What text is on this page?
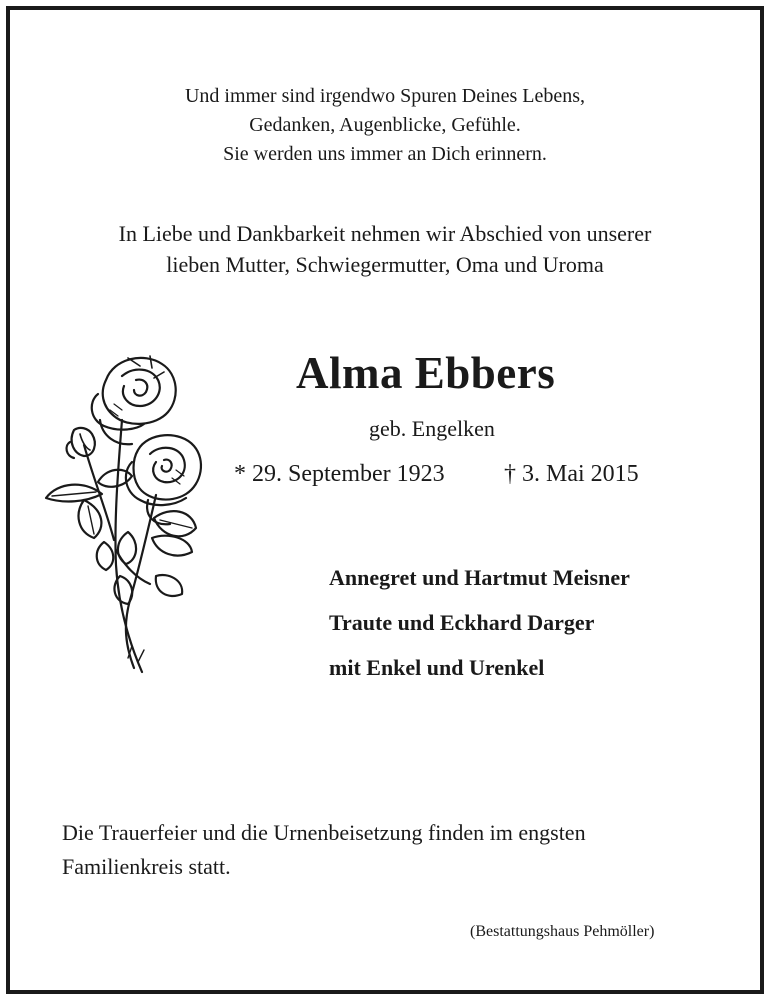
Und immer sind irgendwo Spuren Deines Lebens,
Gedanken, Augenblicke, Gefühle.
Sie werden uns immer an Dich erinnern.
In Liebe und Dankbarkeit nehmen wir Abschied von unserer
lieben Mutter, Schwiegermutter, Oma und Uroma
Alma Ebbers
geb. Engelken
* 29. September 1923 † 3. Mai 2015
Annegret und Hartmut Meisner
Traute und Eckhard Darger
mit Enkel und Urenkel
Die Trauerfeier und die Urnenbeisetzung finden im engsten
Familienkreis statt.
(Bestattungshaus Pehmöller)
